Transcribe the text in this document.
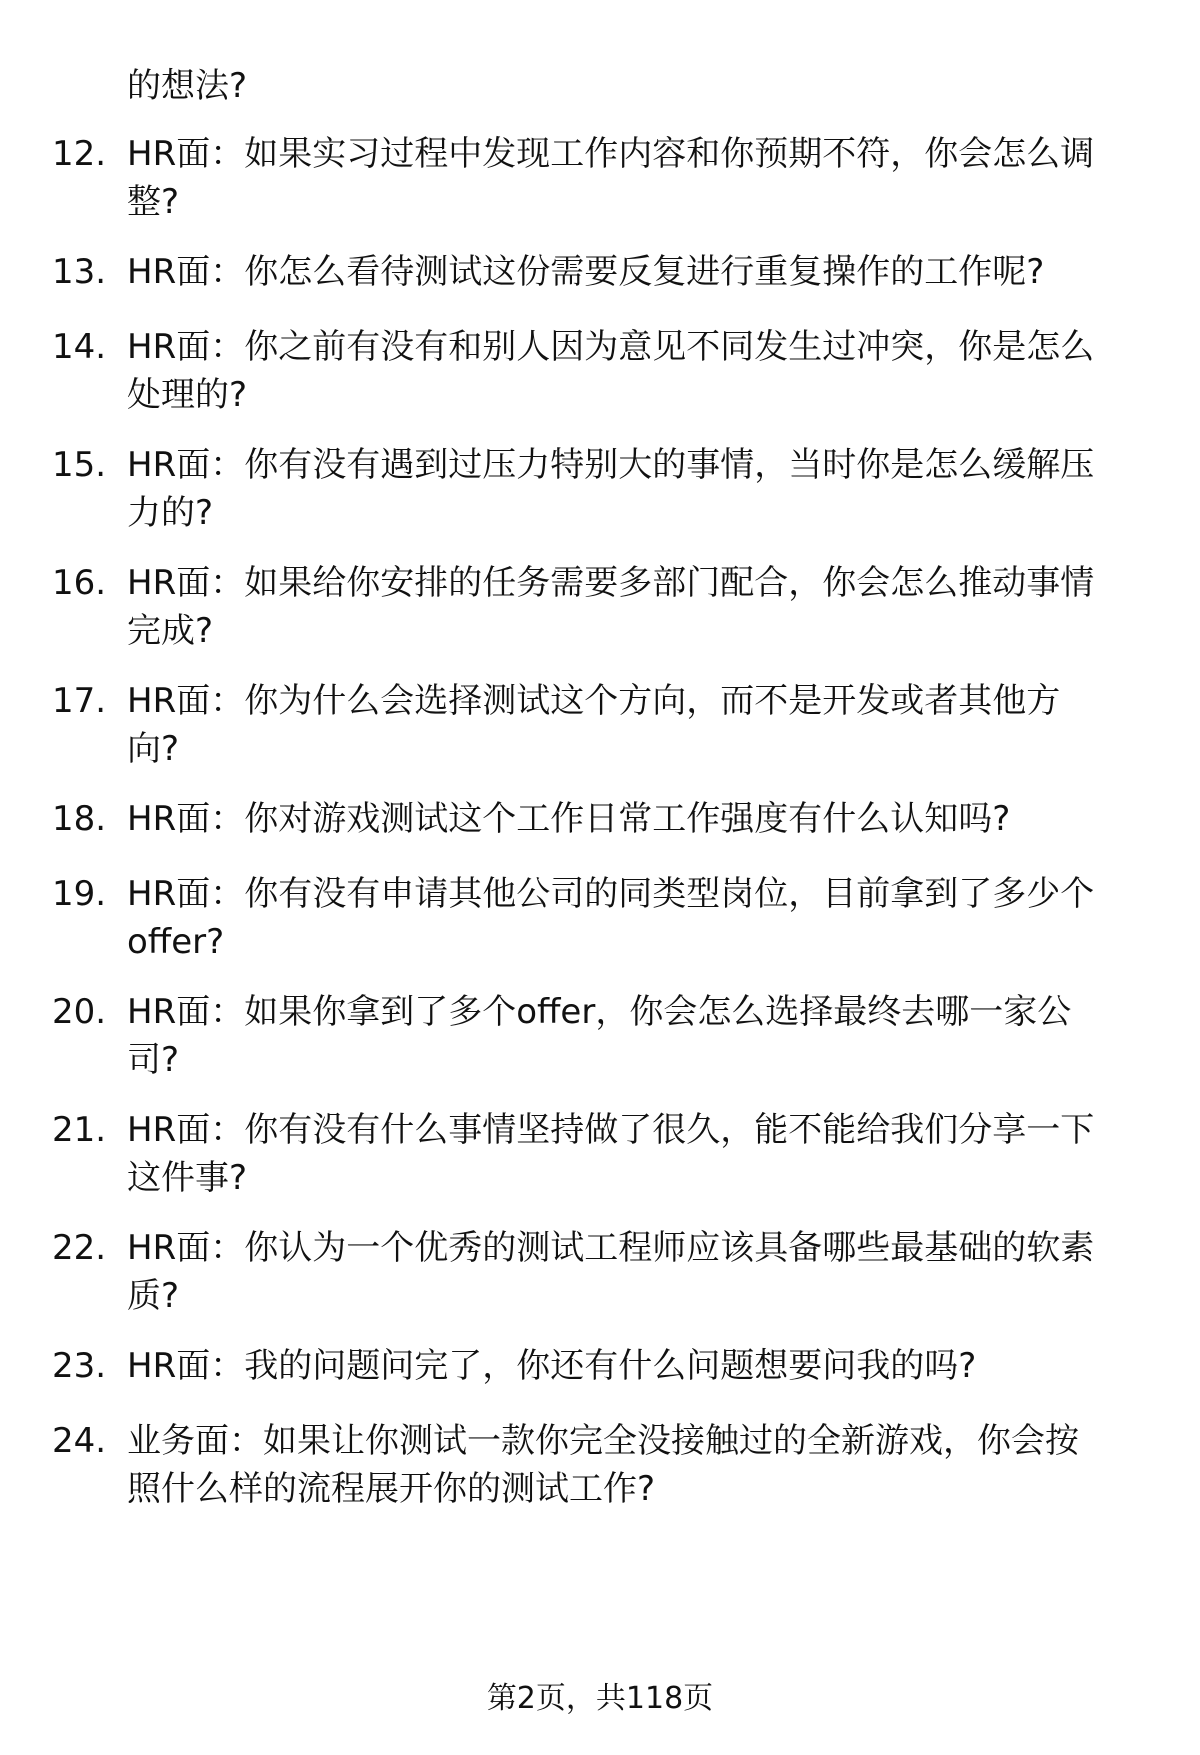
的想法?
12. HR面：如果实习过程中发现工作内容和你预期不符，你会怎么调
整?
13. HR面：你怎么看待测试这份需要反复进行重复操作的工作呢?
14. HR面：你之前有没有和别人因为意见不同发生过冲突，你是怎么
处理的?
15. HR面：你有没有遇到过压力特别大的事情，当时你是怎么缓解压
力的?
16. HR面：如果给你安排的任务需要多部门配合，你会怎么推动事情
完成?
17. HR面：你为什么会选择测试这个方向，而不是开发或者其他方
向?
18. HR面：你对游戏测试这个工作日常工作强度有什么认知吗?
19. HR面：你有没有申请其他公司的同类型岗位，目前拿到了多少个
offer?
20. HR面：如果你拿到了多个offer，你会怎么选择最终去哪一家公
司?
21. HR面：你有没有什么事情坚持做了很久，能不能给我们分享一下
这件事?
22. HR面：你认为一个优秀的测试工程师应该具备哪些最基础的软素
质?
23. HR面：我的问题问完了，你还有什么问题想要问我的吗?
24. 业务面：如果让你测试一款你完全没接触过的全新游戏，你会按
照什么样的流程展开你的测试工作?
第2页，共118页
